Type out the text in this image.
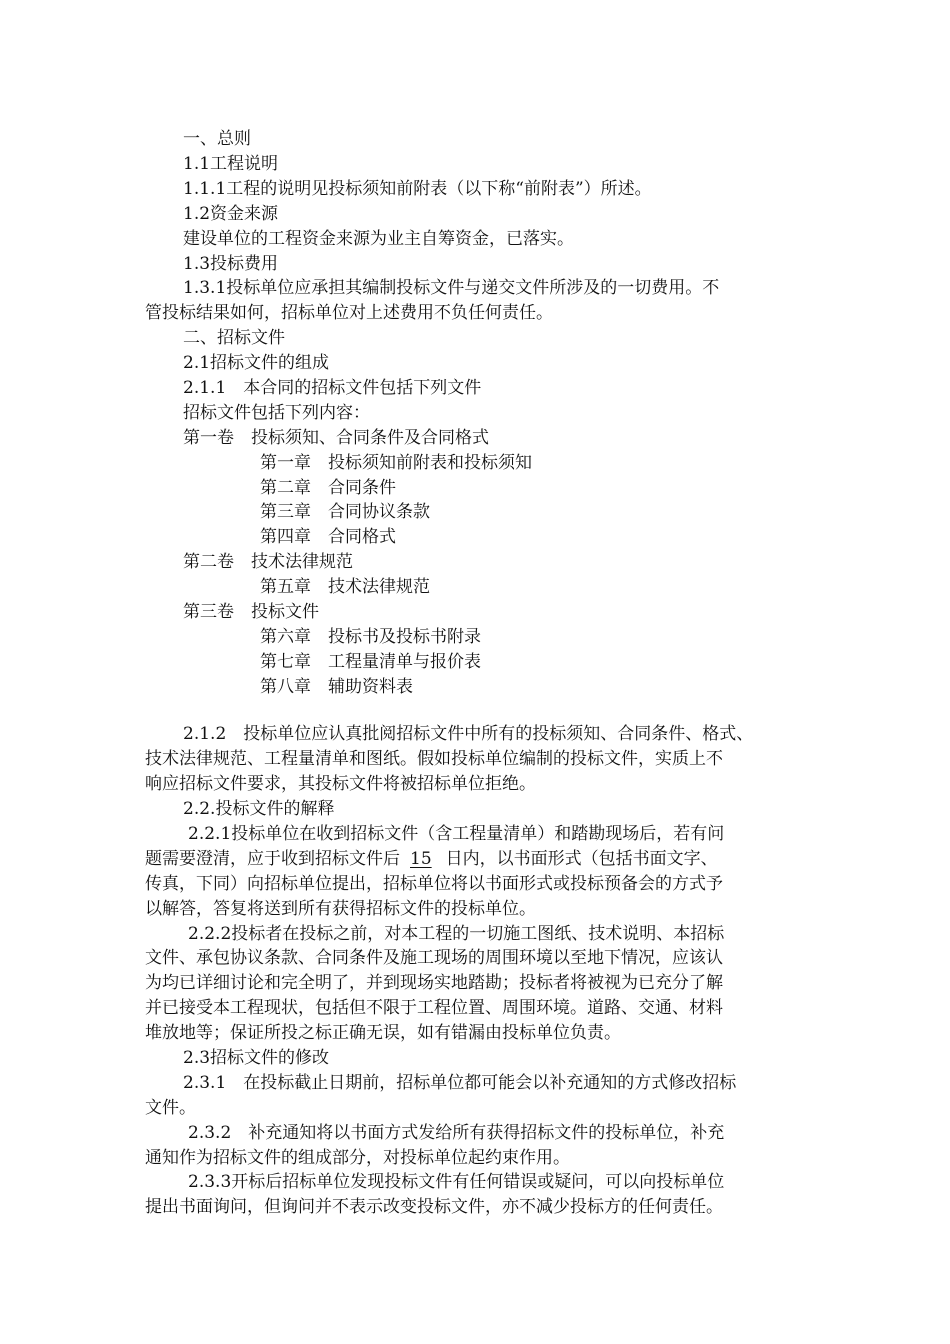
一、总则
1.1工程说明
1.1.1工程的说明见投标须知前附表（以下称“前附表”）所述。
1.2资金来源
建设单位的工程资金来源为业主自筹资金，已落实。
1.3投标费用
1.3.1投标单位应承担其编制投标文件与递交文件所涉及的一切费用。不
管投标结果如何，招标单位对上述费用不负任何责任。
二、招标文件
2.1招标文件的组成
2.1.1　本合同的招标文件包括下列文件
招标文件包括下列内容：
第一卷　投标须知、合同条件及合同格式
第一章　投标须知前附表和投标须知
第二章　合同条件
第三章　合同协议条款
第四章　合同格式
第二卷　技术法律规范
第五章　技术法律规范
第三卷　投标文件
第六章　投标书及投标书附录
第七章　工程量清单与报价表
第八章　辅助资料表
2.1.2　投标单位应认真批阅招标文件中所有的投标须知、合同条件、格式、
技术法律规范、工程量清单和图纸。假如投标单位编制的投标文件，实质上不
响应招标文件要求，其投标文件将被招标单位拒绝。
2.2.投标文件的解释
2.2.1投标单位在收到招标文件（含工程量清单）和踏勘现场后，若有问
题需要澄清，应于收到招标文件后 15 日内，以书面形式（包括书面文字、
传真，下同）向招标单位提出，招标单位将以书面形式或投标预备会的方式予
以解答，答复将送到所有获得招标文件的投标单位。
2.2.2投标者在投标之前，对本工程的一切施工图纸、技术说明、本招标
文件、承包协议条款、合同条件及施工现场的周围环境以至地下情况，应该认
为均已详细讨论和完全明了，并到现场实地踏勘；投标者将被视为已充分了解
并已接受本工程现状，包括但不限于工程位置、周围环境。道路、交通、材料
堆放地等；保证所投之标正确无误，如有错漏由投标单位负责。
2.3招标文件的修改
2.3.1　在投标截止日期前，招标单位都可能会以补充通知的方式修改招标
文件。
2.3.2　补充通知将以书面方式发给所有获得招标文件的投标单位，补充
通知作为招标文件的组成部分，对投标单位起约束作用。
2.3.3开标后招标单位发现投标文件有任何错误或疑问，可以向投标单位
提出书面询问，但询问并不表示改变投标文件，亦不减少投标方的任何责任。
